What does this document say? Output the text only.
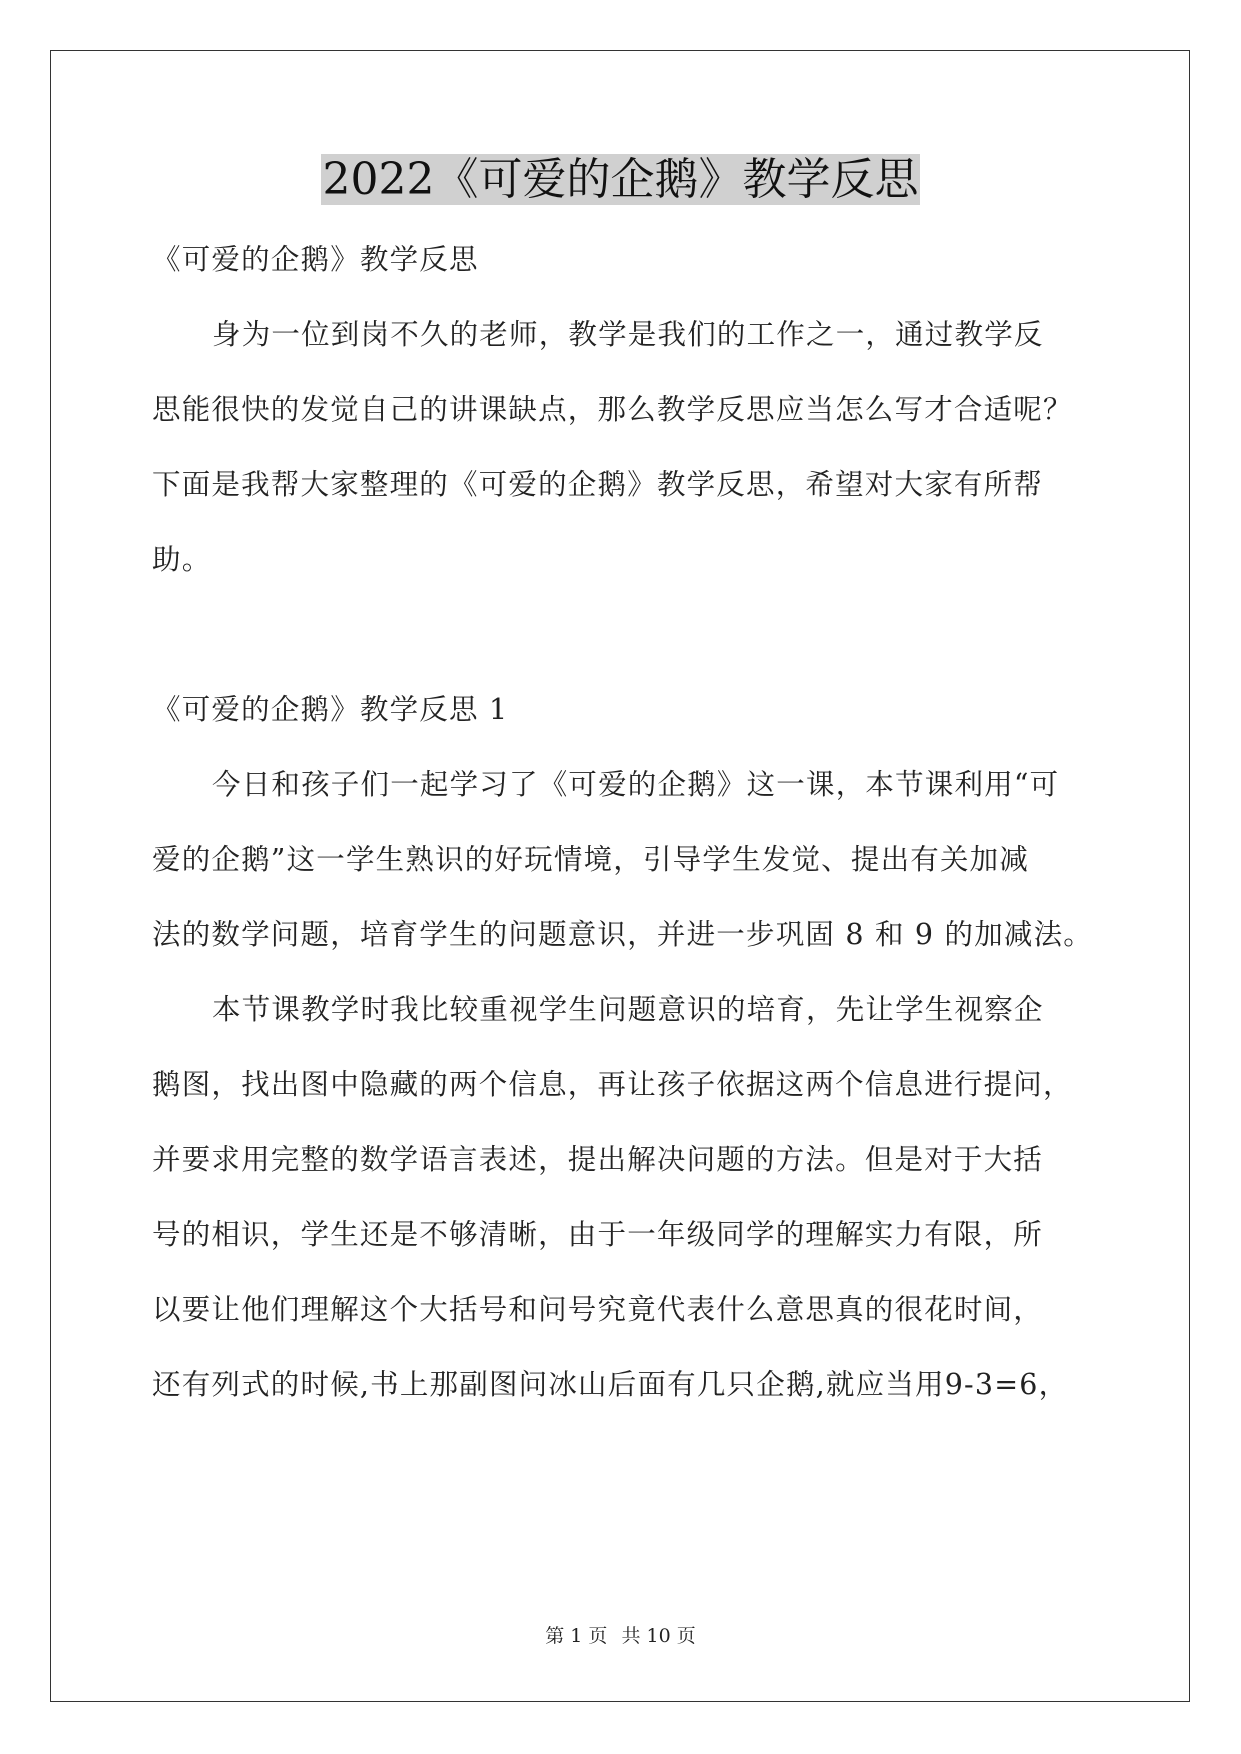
2022《可爱的企鹅》教学反思

《可爱的企鹅》教学反思

身为一位到岗不久的老师，教学是我们的工作之一，通过教学反

思能很快的发觉自己的讲课缺点，那么教学反思应当怎么写才合适呢？

下面是我帮大家整理的《可爱的企鹅》教学反思，希望对大家有所帮

助。

《可爱的企鹅》教学反思 1

今日和孩子们一起学习了《可爱的企鹅》这一课，本节课利用“可

爱的企鹅”这一学生熟识的好玩情境，引导学生发觉、提出有关加减

法的数学问题，培育学生的问题意识，并进一步巩固 8 和 9 的加减法。

本节课教学时我比较重视学生问题意识的培育，先让学生视察企

鹅图，找出图中隐藏的两个信息，再让孩子依据这两个信息进行提问，

并要求用完整的数学语言表述，提出解决问题的方法。但是对于大括

号的相识，学生还是不够清晰，由于一年级同学的理解实力有限，所

以要让他们理解这个大括号和问号究竟代表什么意思真的很花时间，

还有列式的时候,书上那副图问冰山后面有几只企鹅,就应当用9-3=6，

第 1 页 共 10 页
